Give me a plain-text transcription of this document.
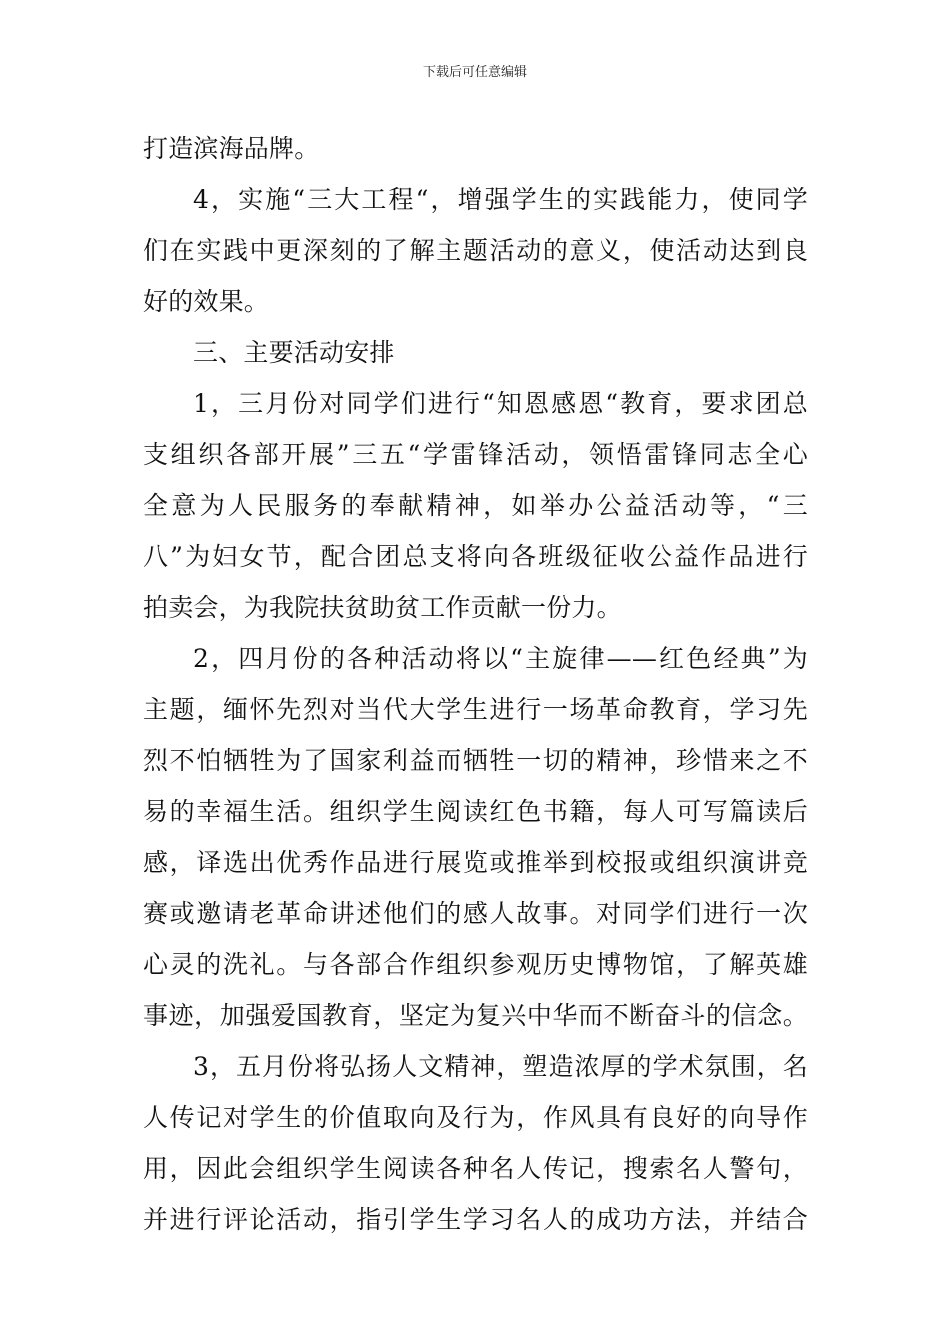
下载后可任意编辑
打造滨海品牌。
4，实施“三大工程“，增强学生的实践能力，使同学
们在实践中更深刻的了解主题活动的意义，使活动达到良
好的效果。
三、主要活动安排
1，三月份对同学们进行“知恩感恩“教育，要求团总
支组织各部开展”三五“学雷锋活动，领悟雷锋同志全心
全意为人民服务的奉献精神，如举办公益活动等，“三
八”为妇女节，配合团总支将向各班级征收公益作品进行
拍卖会，为我院扶贫助贫工作贡献一份力。
2，四月份的各种活动将以“主旋律——红色经典”为
主题，缅怀先烈对当代大学生进行一场革命教育，学习先
烈不怕牺牲为了国家利益而牺牲一切的精神，珍惜来之不
易的幸福生活。组织学生阅读红色书籍，每人可写篇读后
感，译选出优秀作品进行展览或推举到校报或组织演讲竞
赛或邀请老革命讲述他们的感人故事。对同学们进行一次
心灵的洗礼。与各部合作组织参观历史博物馆，了解英雄
事迹，加强爱国教育，坚定为复兴中华而不断奋斗的信念。
3，五月份将弘扬人文精神，塑造浓厚的学术氛围，名
人传记对学生的价值取向及行为，作风具有良好的向导作
用，因此会组织学生阅读各种名人传记，搜索名人警句，
并进行评论活动，指引学生学习名人的成功方法，并结合
